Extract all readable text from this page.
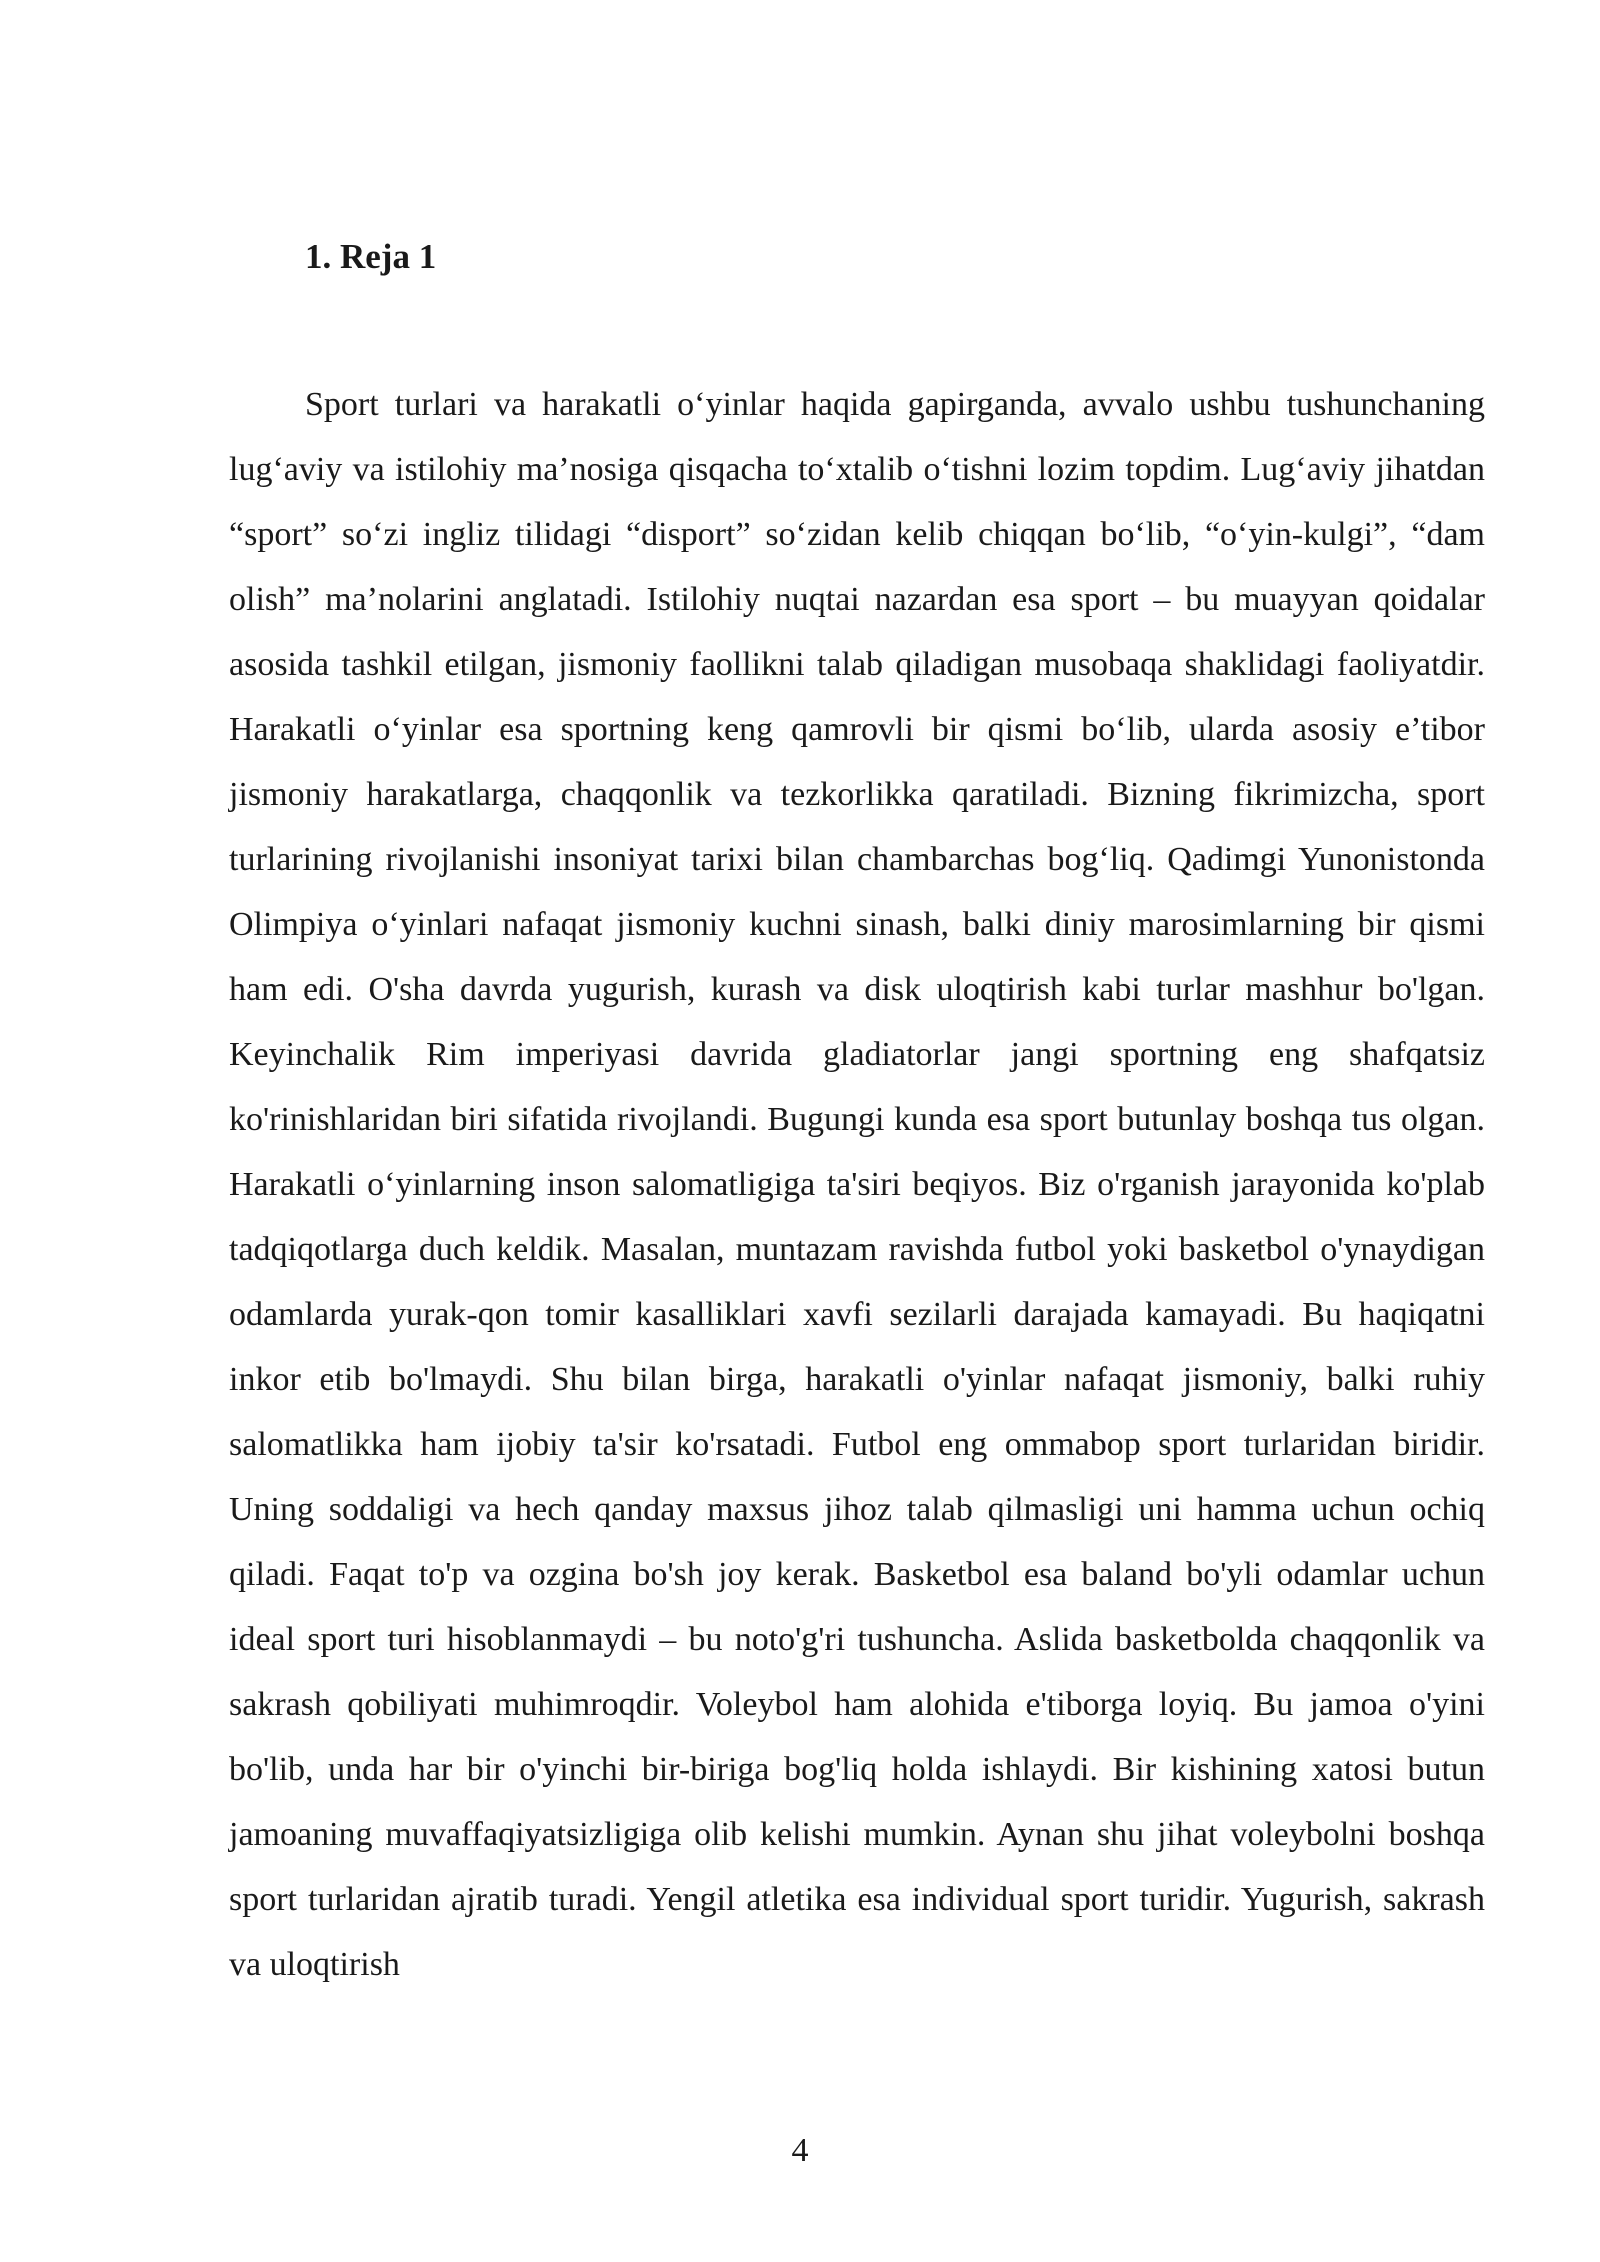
1. Reja 1

Sport turlari va harakatli o‘yinlar haqida gapirganda, avvalo ushbu tushunchaning lug‘aviy va istilohiy ma’nosiga qisqacha to‘xtalib o‘tishni lozim topdim. Lug‘aviy jihatdan “sport” so‘zi ingliz tilidagi “disport” so‘zidan kelib chiqqan bo‘lib, “o‘yin-kulgi”, “dam olish” ma’nolarini anglatadi. Istilohiy nuqtai nazardan esa sport – bu muayyan qoidalar asosida tashkil etilgan, jismoniy faollikni talab qiladigan musobaqa shaklidagi faoliyatdir. Harakatli o‘yinlar esa sportning keng qamrovli bir qismi bo‘lib, ularda asosiy e’tibor jismoniy harakatlarga, chaqqonlik va tezkorlikka qaratiladi. Bizning fikrimizcha, sport turlarining rivojlanishi insoniyat tarixi bilan chambarchas bog‘liq. Qadimgi Yunonistonda Olimpiya o‘yinlari nafaqat jismoniy kuchni sinash, balki diniy marosimlarning bir qismi ham edi. O'sha davrda yugurish, kurash va disk uloqtirish kabi turlar mashhur bo'lgan. Keyinchalik Rim imperiyasi davrida gladiatorlar jangi sportning eng shafqatsiz ko'rinishlaridan biri sifatida rivojlandi. Bugungi kunda esa sport butunlay boshqa tus olgan. Harakatli o‘yinlarning inson salomatligiga ta'siri beqiyos. Biz o'rganish jarayonida ko'plab tadqiqotlarga duch keldik. Masalan, muntazam ravishda futbol yoki basketbol o'ynaydigan odamlarda yurak-qon tomir kasalliklari xavfi sezilarli darajada kamayadi. Bu haqiqatni inkor etib bo'lmaydi. Shu bilan birga, harakatli o'yinlar nafaqat jismoniy, balki ruhiy salomatlikka ham ijobiy ta'sir ko'rsatadi. Futbol eng ommabop sport turlaridan biridir. Uning soddaligi va hech qanday maxsus jihoz talab qilmasligi uni hamma uchun ochiq qiladi. Faqat to'p va ozgina bo'sh joy kerak. Basketbol esa baland bo'yli odamlar uchun ideal sport turi hisoblanmaydi – bu noto'g'ri tushuncha. Aslida basketbolda chaqqonlik va sakrash qobiliyati muhimroqdir. Voleybol ham alohida e'tiborga loyiq. Bu jamoa o'yini bo'lib, unda har bir o'yinchi bir-biriga bog'liq holda ishlaydi. Bir kishining xatosi butun jamoaning muvaffaqiyatsizligiga olib kelishi mumkin. Aynan shu jihat voleybolni boshqa sport turlaridan ajratib turadi. Yengil atletika esa individual sport turidir. Yugurish, sakrash va uloqtirish

4
